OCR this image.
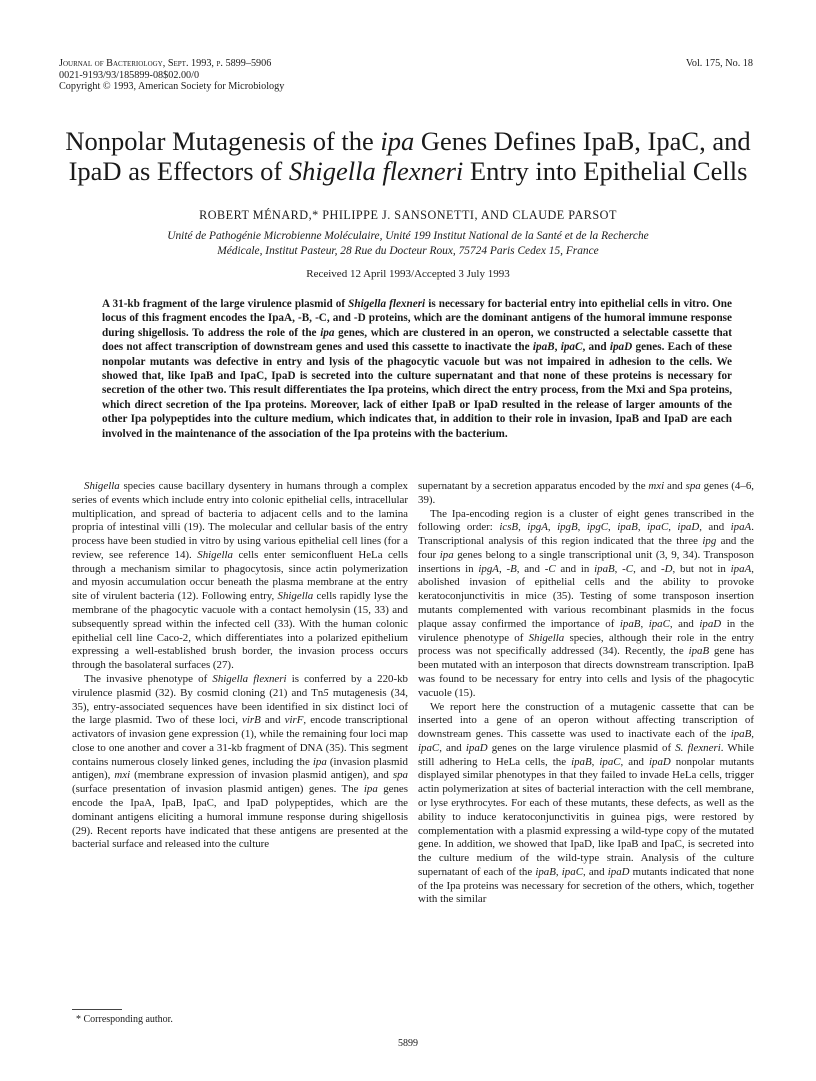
Journal of Bacteriology, Sept. 1993, p. 5899–5906
0021-9193/93/185899-08$02.00/0
Copyright © 1993, American Society for Microbiology
Vol. 175, No. 18
Nonpolar Mutagenesis of the ipa Genes Defines IpaB, IpaC, and IpaD as Effectors of Shigella flexneri Entry into Epithelial Cells
ROBERT MÉNARD,* PHILIPPE J. SANSONETTI, AND CLAUDE PARSOT
Unité de Pathogénie Microbienne Moléculaire, Unité 199 Institut National de la Santé et de la Recherche
Médicale, Institut Pasteur, 28 Rue du Docteur Roux, 75724 Paris Cedex 15, France
Received 12 April 1993/Accepted 3 July 1993

A 31-kb fragment of the large virulence plasmid of Shigella flexneri is necessary for bacterial entry into epithelial cells in vitro. One locus of this fragment encodes the IpaA, -B, -C, and -D proteins, which are the dominant antigens of the humoral immune response during shigellosis. To address the role of the ipa genes, which are clustered in an operon, we constructed a selectable cassette that does not affect transcription of downstream genes and used this cassette to inactivate the ipaB, ipaC, and ipaD genes. Each of these nonpolar mutants was defective in entry and lysis of the phagocytic vacuole but was not impaired in adhesion to the cells. We showed that, like IpaB and IpaC, IpaD is secreted into the culture supernatant and that none of these proteins is necessary for secretion of the other two. This result differentiates the Ipa proteins, which direct the entry process, from the Mxi and Spa proteins, which direct secretion of the Ipa proteins. Moreover, lack of either IpaB or IpaD resulted in the release of larger amounts of the other Ipa polypeptides into the culture medium, which indicates that, in addition to their role in invasion, IpaB and IpaD are each involved in the maintenance of the association of the Ipa proteins with the bacterium.

Shigella species cause bacillary dysentery in humans through a complex series of events which include entry into colonic epithelial cells, intracellular multiplication, and spread of bacteria to adjacent cells and to the lamina propria of intestinal villi (19). The molecular and cellular basis of the entry process have been studied in vitro by using various epithelial cell lines (for a review, see reference 14). Shigella cells enter semiconfluent HeLa cells through a mechanism similar to phagocytosis, since actin polymerization and myosin accumulation occur beneath the plasma membrane at the entry site of virulent bacteria (12). Following entry, Shigella cells rapidly lyse the membrane of the phagocytic vacuole with a contact hemolysin (15, 33) and subsequently spread within the infected cell (33). With the human colonic epithelial cell line Caco-2, which differentiates into a polarized epithelium expressing a well-established brush border, the invasion process occurs through the basolateral surfaces (27).

The invasive phenotype of Shigella flexneri is conferred by a 220-kb virulence plasmid (32). By cosmid cloning (21) and Tn5 mutagenesis (34, 35), entry-associated sequences have been identified in six distinct loci of the large plasmid. Two of these loci, virB and virF, encode transcriptional activators of invasion gene expression (1), while the remaining four loci map close to one another and cover a 31-kb fragment of DNA (35). This segment contains numerous closely linked genes, including the ipa (invasion plasmid antigen), mxi (membrane expression of invasion plasmid antigen), and spa (surface presentation of invasion plasmid antigen) genes. The ipa genes encode the IpaA, IpaB, IpaC, and IpaD polypeptides, which are the dominant antigens eliciting a humoral immune response during shigellosis (29). Recent reports have indicated that these antigens are presented at the bacterial surface and released into the culture

supernatant by a secretion apparatus encoded by the mxi and spa genes (4–6, 39).

The Ipa-encoding region is a cluster of eight genes transcribed in the following order: icsB, ipgA, ipgB, ipgC, ipaB, ipaC, ipaD, and ipaA. Transcriptional analysis of this region indicated that the three ipg and the four ipa genes belong to a single transcriptional unit (3, 9, 34). Transposon insertions in ipgA, -B, and -C and in ipaB, -C, and -D, but not in ipaA, abolished invasion of epithelial cells and the ability to provoke keratoconjunctivitis in mice (35). Testing of some transposon insertion mutants complemented with various recombinant plasmids in the focus plaque assay confirmed the importance of ipaB, ipaC, and ipaD in the virulence phenotype of Shigella species, although their role in the entry process was not specifically addressed (34). Recently, the ipaB gene has been mutated with an interposon that directs downstream transcription. IpaB was found to be necessary for entry into cells and lysis of the phagocytic vacuole (15).

We report here the construction of a mutagenic cassette that can be inserted into a gene of an operon without affecting transcription of downstream genes. This cassette was used to inactivate each of the ipaB, ipaC, and ipaD genes on the large virulence plasmid of S. flexneri. While still adhering to HeLa cells, the ipaB, ipaC, and ipaD nonpolar mutants displayed similar phenotypes in that they failed to invade HeLa cells, trigger actin polymerization at sites of bacterial interaction with the cell membrane, or lyse erythrocytes. For each of these mutants, these defects, as well as the ability to induce keratoconjunctivitis in guinea pigs, were restored by complementation with a plasmid expressing a wild-type copy of the mutated gene. In addition, we showed that IpaD, like IpaB and IpaC, is secreted into the culture medium of the wild-type strain. Analysis of the culture supernatant of each of the ipaB, ipaC, and ipaD mutants indicated that none of the Ipa proteins was necessary for secretion of the others, which, together with the similar

* Corresponding author.
5899
